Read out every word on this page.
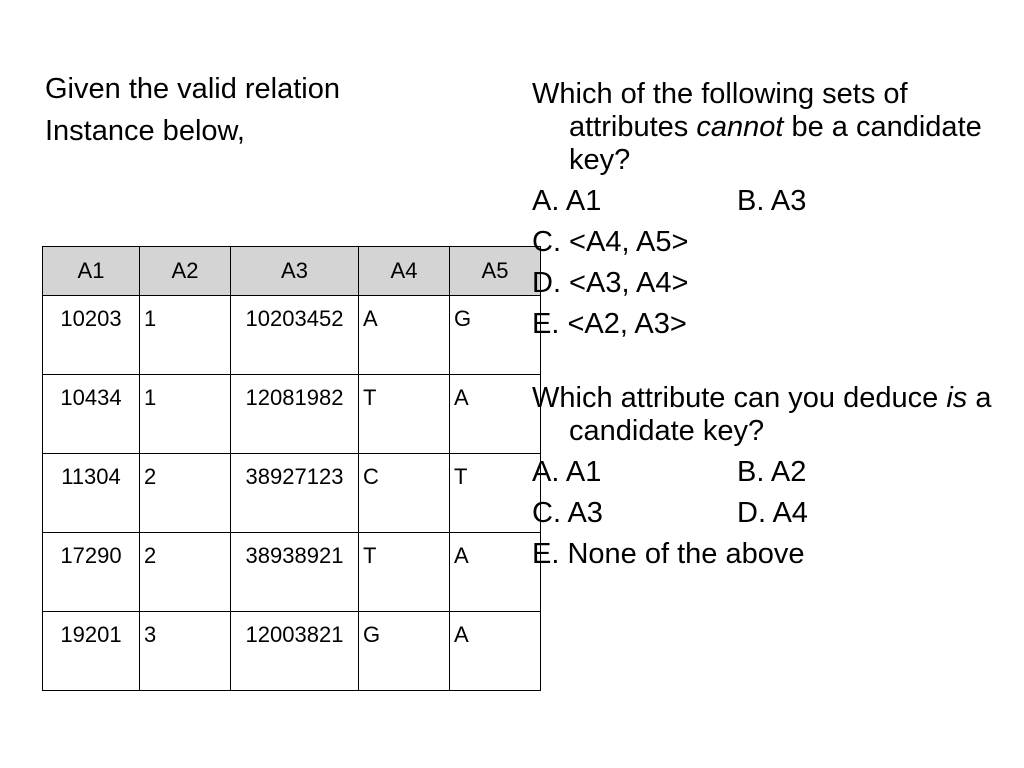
Given the valid relation
Instance below,
A1	A2	A3	A4	A5

10203	1	10203452	A	G

10434	1	12081982	T	A

11304	2	38927123	C	T

17290	2	38938921	T	A

19201	3	12003821	G	A
Which of the following sets of attributes cannot be a candidate key?
A. A1	B. A3
C. <A4, A5>
D. <A3, A4>
E. <A2, A3>
Which attribute can you deduce is a candidate key?
A. A1	B. A2
C. A3	D. A4
E. None of the above
